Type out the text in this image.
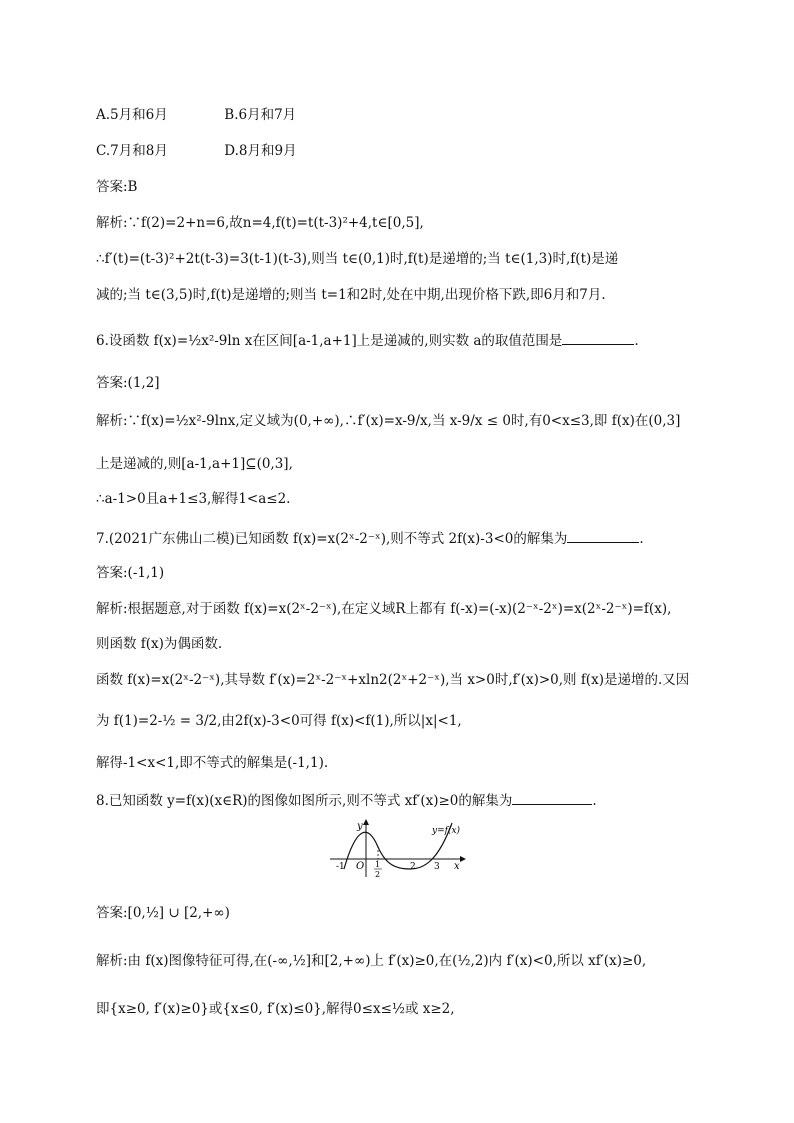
A.5月和6月	B.6月和7月
C.7月和8月	D.8月和9月
答案:B
解析:∵f(2)=2+n=6,故n=4,f(t)=t(t-3)²+4,t∈[0,5],
∴f′(t)=(t-3)²+2t(t-3)=3(t-1)(t-3),则当 t∈(0,1)时,f(t)是递增的;当 t∈(1,3)时,f(t)是递
减的;当 t∈(3,5)时,f(t)是递增的;则当 t=1和2时,处在中期,出现价格下跌,即6月和7月.
6.设函数 f(x)=½x²-9ln x在区间[a-1,a+1]上是递减的,则实数 a的取值范围是	.
答案:(1,2]
解析:∵f(x)=½x²-9lnx,定义域为(0,+∞),∴f′(x)=x-9/x,当 x-9/x ≤ 0时,有0<x≤3,即 f(x)在(0,3]
上是递减的,则[a-1,a+1]⊆(0,3],
∴a-1>0且a+1≤3,解得1<a≤2.
7.(2021广东佛山二模)已知函数 f(x)=x(2ˣ-2⁻ˣ),则不等式 2f(x)-3<0的解集为	.
答案:(-1,1)
解析:根据题意,对于函数 f(x)=x(2ˣ-2⁻ˣ),在定义域R上都有 f(-x)=(-x)(2⁻ˣ-2ˣ)=x(2ˣ-2⁻ˣ)=f(x),
则函数 f(x)为偶函数.
函数 f(x)=x(2ˣ-2⁻ˣ),其导数 f′(x)=2ˣ-2⁻ˣ+xln2(2ˣ+2⁻ˣ),当 x>0时,f′(x)>0,则 f(x)是递增的.又因
为 f(1)=2-½ = 3/2,由2f(x)-3<0可得 f(x)<f(1),所以|x|<1,
解得-1<x<1,即不等式的解集是(-1,1).
8.已知函数 y=f(x)(x∈R)的图像如图所示,则不等式 xf′(x)≥0的解集为	.
y	y=f(x)
x
O
-1	1
2
2 3
答案:[0,½] ∪ [2,+∞)
解析:由 f(x)图像特征可得,在(-∞,½]和[2,+∞)上 f′(x)≥0,在(½,2)内 f′(x)<0,所以 xf′(x)≥0,
即{x≥0, f′(x)≥0}或{x≤0, f′(x)≤0},解得0≤x≤½或 x≥2,
